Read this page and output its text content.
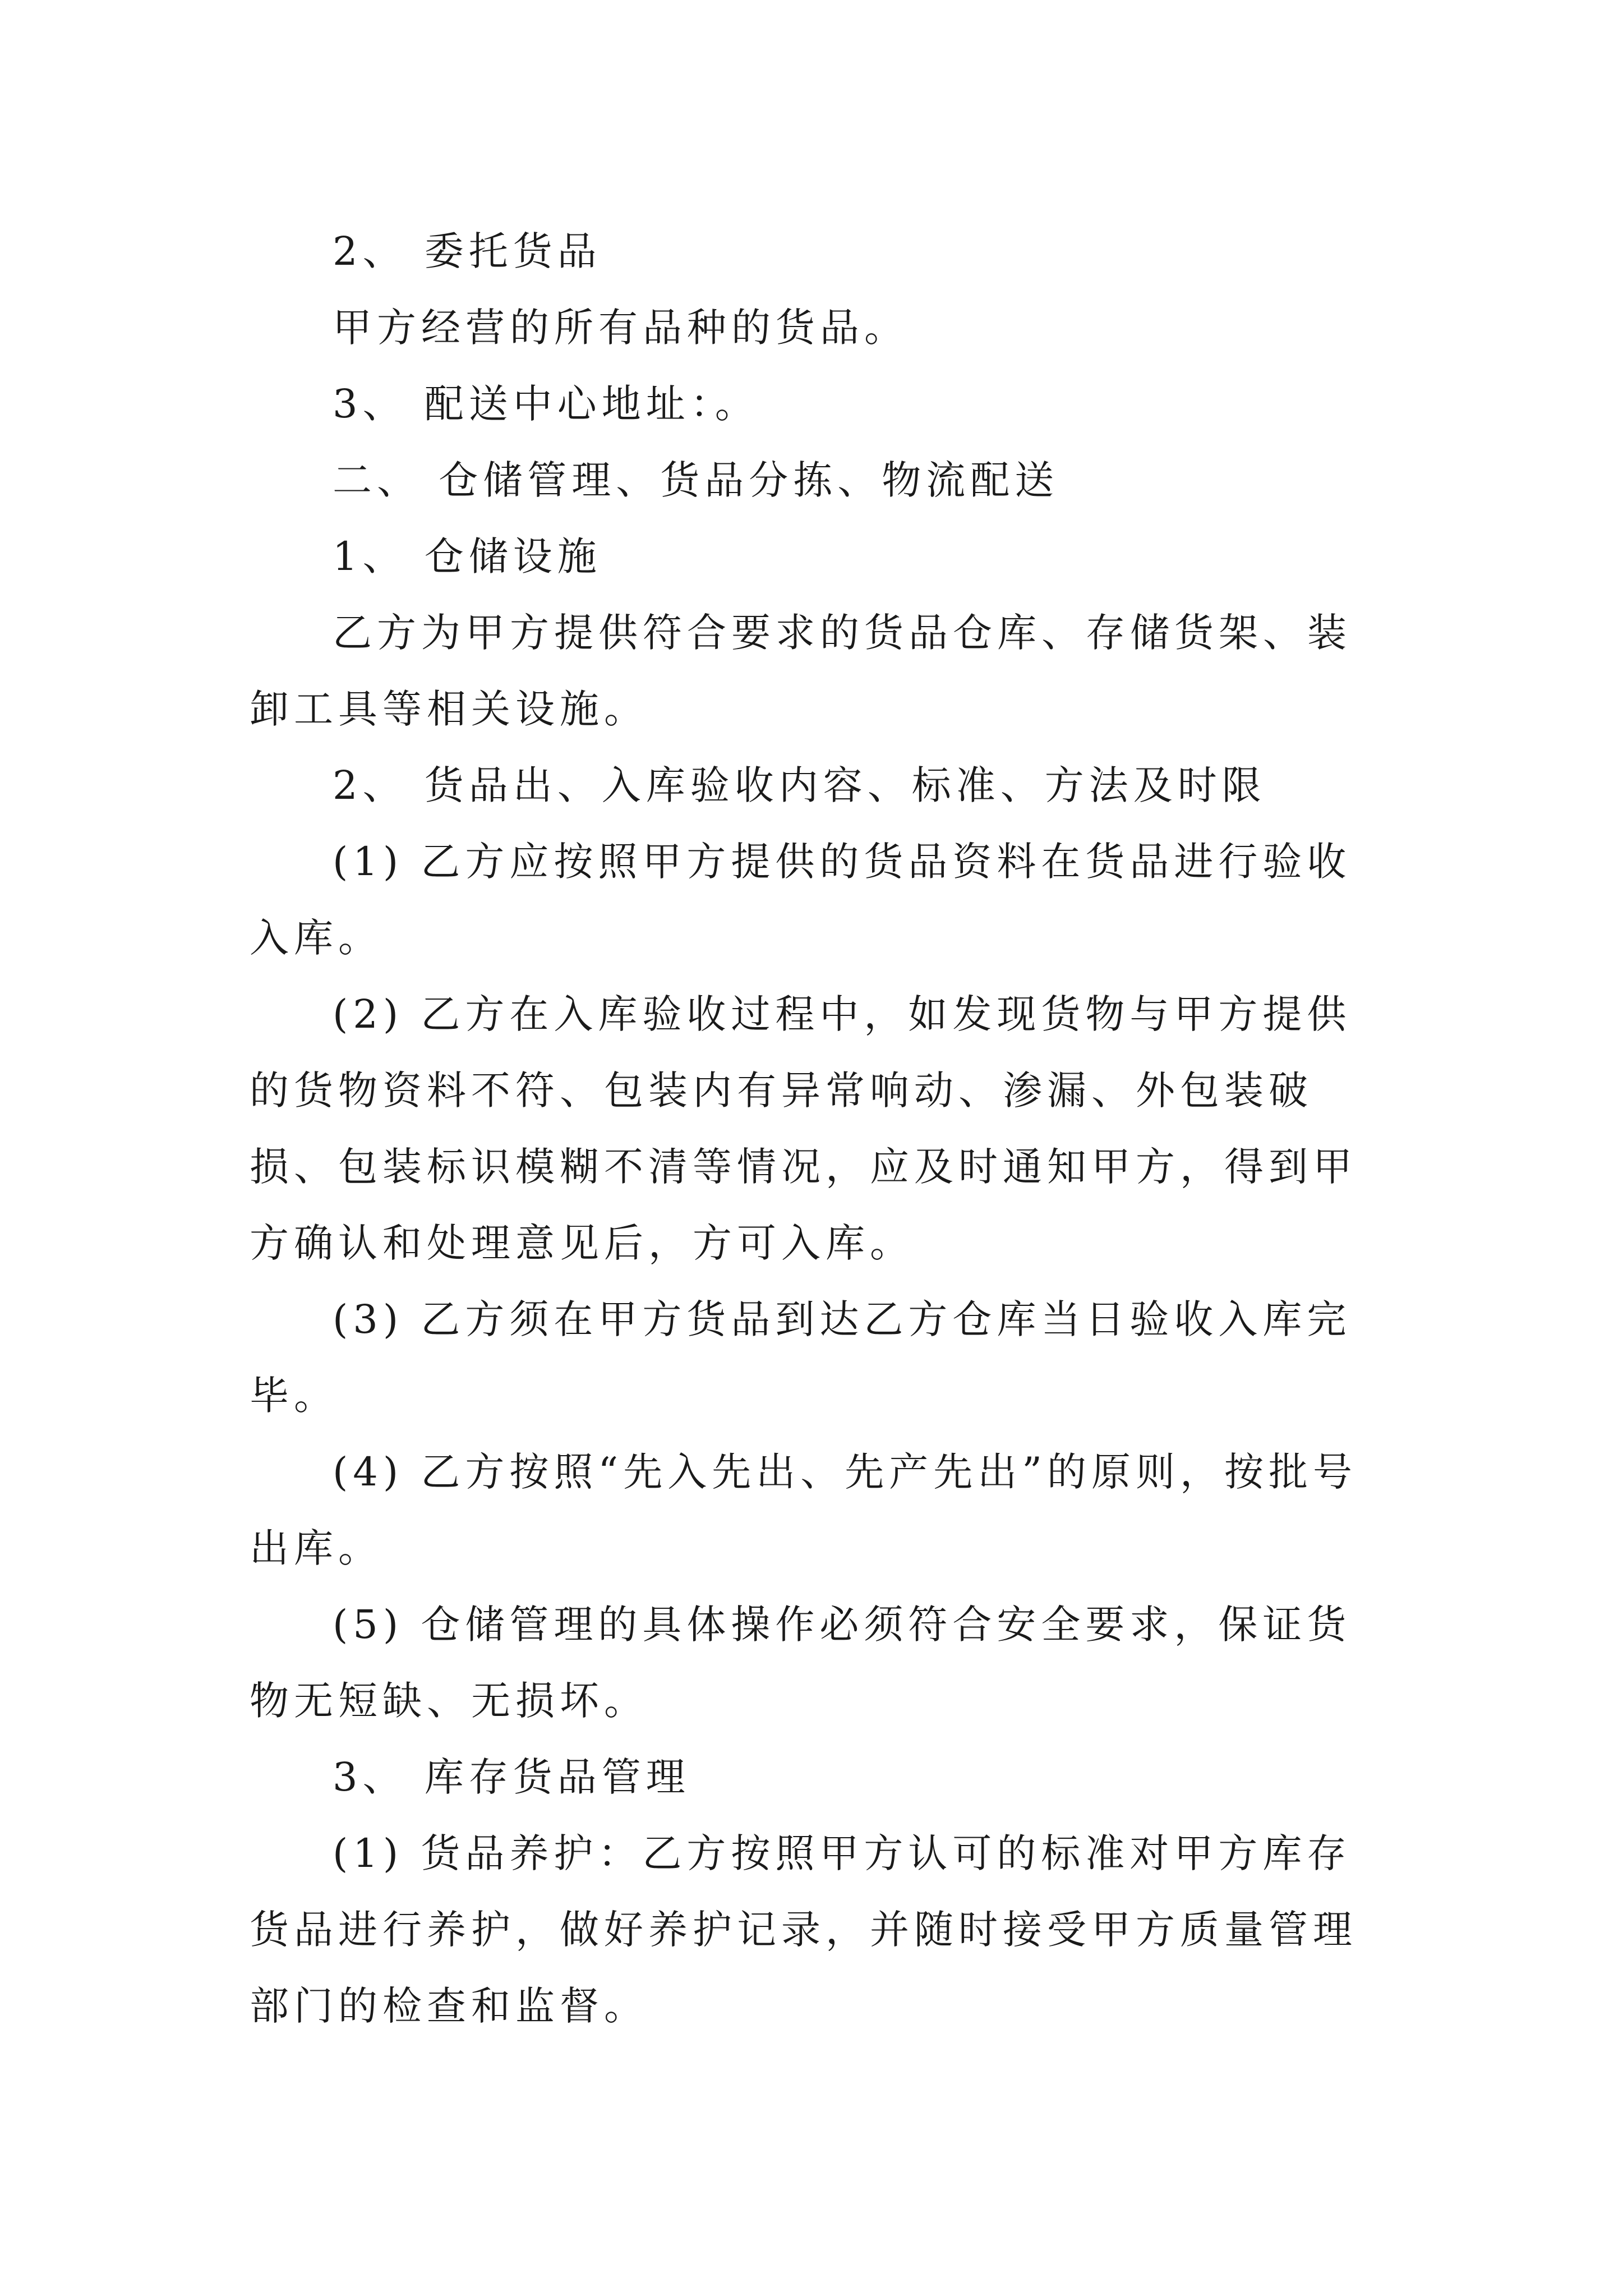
2、 委托货品

甲方经营的所有品种的货品。

3、 配送中心地址：。

二、 仓储管理、货品分拣、物流配送

1、 仓储设施

乙方为甲方提供符合要求的货品仓库、存储货架、装卸工具等相关设施。

2、 货品出、入库验收内容、标准、方法及时限

(1) 乙方应按照甲方提供的货品资料在货品进行验收入库。

(2) 乙方在入库验收过程中，如发现货物与甲方提供的货物资料不符、包装内有异常响动、渗漏、外包装破损、包装标识模糊不清等情况，应及时通知甲方，得到甲方确认和处理意见后，方可入库。

(3) 乙方须在甲方货品到达乙方仓库当日验收入库完毕。

(4) 乙方按照“先入先出、先产先出”的原则，按批号出库。

(5) 仓储管理的具体操作必须符合安全要求，保证货物无短缺、无损坏。

3、 库存货品管理

(1) 货品养护：乙方按照甲方认可的标准对甲方库存货品进行养护，做好养护记录，并随时接受甲方质量管理部门的检查和监督。
